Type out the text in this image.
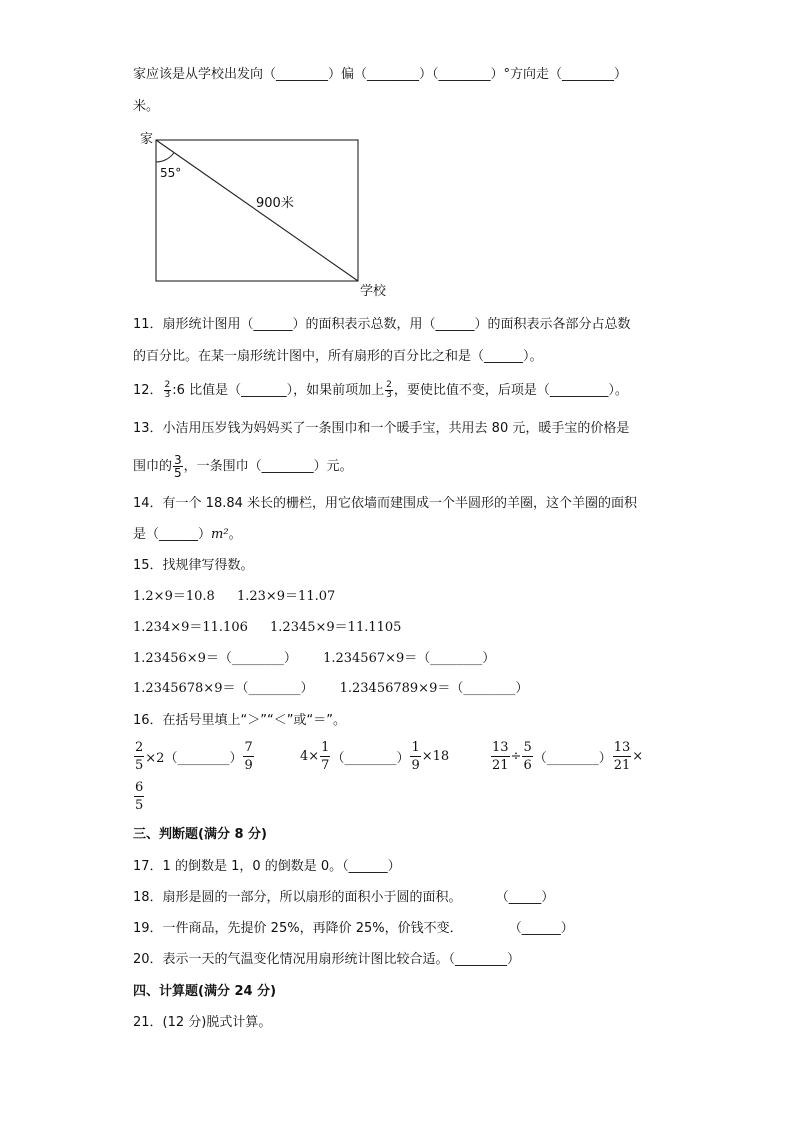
家应该是从学校出发向（________）偏（________）（________）°方向走（________）
米。
家
55°
900米
学校
11．扇形统计图用（______）的面积表示总数，用（______）的面积表示各部分占总数
的百分比。在某一扇形统计图中，所有扇形的百分比之和是（______）。
12． $\frac{2}{3}$ :6 比值是（_______），如果前项加上 $\frac{2}{3}$ ，要使比值不变，后项是（_________）。
13．小洁用压岁钱为妈妈买了一条围巾和一个暖手宝，共用去 80 元，暖手宝的价格是
围巾的 $\frac{3}{5}$ ，一条围巾（________）元。
14．有一个 18.84 米长的栅栏，用它依墙而建围成一个半圆形的羊圈，这个羊圈的面积
是（______）m²。
15．找规律写得数。
1.2×9＝10.8 1.23×9＝11.07
1.234×9＝11.106 1.2345×9＝11.1105
1.23456×9＝（________） 1.234567×9＝（________）
1.2345678×9＝（________） 1.23456789×9＝（________）
16．在括号里填上“＞”“＜”或“＝”。
$\frac{2}{5}$ ×2（________） $\frac{7}{9}$	$4\times \frac{1}{7}$ （________） $\frac{1}{9} \times 18$	$\frac{13}{21} \div \frac{5}{6}$ （________） $\frac{13}{21}$ ×
$\frac{6}{5}$
三、判断题(满分 8 分)
17．1 的倒数是 1，0 的倒数是 0。（______）
18．扇形是圆的一部分，所以扇形的面积小于圆的面积。	（_____）
19．一件商品，先提价 25%，再降价 25%，价钱不变．	（______）
20．表示一天的气温变化情况用扇形统计图比较合适。（________）
四、计算题(满分 24 分)
21．(12 分)脱式计算。
